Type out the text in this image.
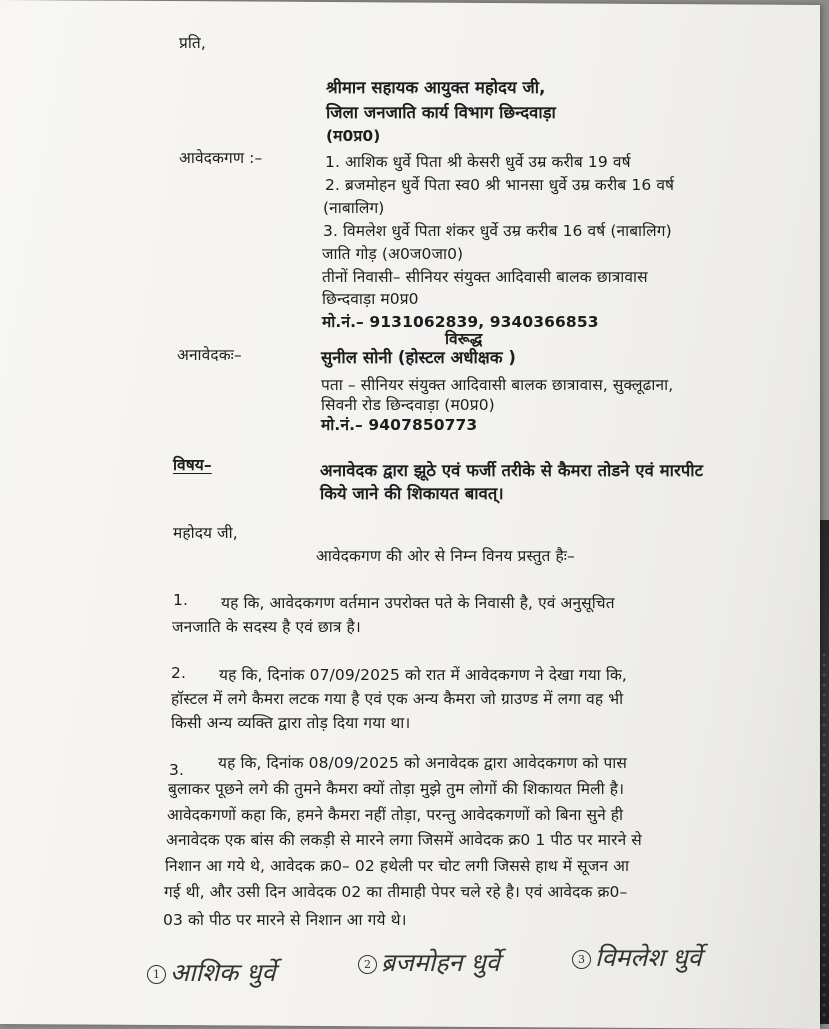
प्रति,
श्रीमान सहायक आयुक्त महोदय जी,
जिला जनजाति कार्य विभाग छिन्दवाड़ा
(म0प्र0)
आवेदकगण :–	1. आशिक धुर्वे पिता श्री केसरी धुर्वे उम्र करीब 19 वर्ष
2. ब्रजमोहन धुर्वे पिता स्व0 श्री भानसा धुर्वे उम्र करीब 16 वर्ष
(नाबालिग)
3. विमलेश धुर्वे पिता शंकर धुर्वे उम्र करीब 16 वर्ष (नाबालिग)
जाति गोड़ (अ0ज0जा0)
तीनों निवासी– सीनियर संयुक्त आदिवासी बालक छात्रावास
छिन्दवाड़ा म0प्र0
मो.नं.– 9131062839, 9340366853
विरूद्ध
अनावेदकः–	सुनील सोनी (होस्टल अधीक्षक )
पता – सीनियर संयुक्त आदिवासी बालक छात्रावास, सुक्लूढाना,
सिवनी रोड छिन्दवाड़ा (म0प्र0)
मो.नं.– 9407850773
विषय–	अनावेदक द्वारा झूठे एवं फर्जी तरीके से कैमरा तोडने एवं मारपीट
किये जाने की शिकायत बावत्।
महोदय जी,
आवेदकगण की ओर से निम्न विनय प्रस्तुत हैः–
1. यह कि, आवेदकगण वर्तमान उपरोक्त पते के निवासी है, एवं अनुसूचित
जनजाति के सदस्य है एवं छात्र है।
2. यह कि, दिनांक 07/09/2025 को रात में आवेदकगण ने देखा गया कि,
हॉस्टल में लगे कैमरा लटक गया है एवं एक अन्य कैमरा जो ग्राउण्ड में लगा वह भी
किसी अन्य व्यक्ति द्वारा तोड़ दिया गया था।
3. यह कि, दिनांक 08/09/2025 को अनावेदक द्वारा आवेदकगण को पास
बुलाकर पूछने लगे की तुमने कैमरा क्यों तोड़ा मुझे तुम लोगों की शिकायत मिली है।
आवेदकगणों कहा कि, हमने कैमरा नहीं तोड़ा, परन्तु आवेदकगणों को बिना सुने ही
अनावेदक एक बांस की लकड़ी से मारने लगा जिसमें आवेदक क्र0 1 पीठ पर मारने से
निशान आ गये थे, आवेदक क्र0– 02 हथेली पर चोट लगी जिससे हाथ में सूजन आ
गई थी, और उसी दिन आवेदक 02 का तीमाही पेपर चले रहे है। एवं आवेदक क्र0–
03 को पीठ पर मारने से निशान आ गये थे।
1 आशिक धुर्वे	2 ब्रजमोहन धुर्वे	3 विमलेश धुर्वे
